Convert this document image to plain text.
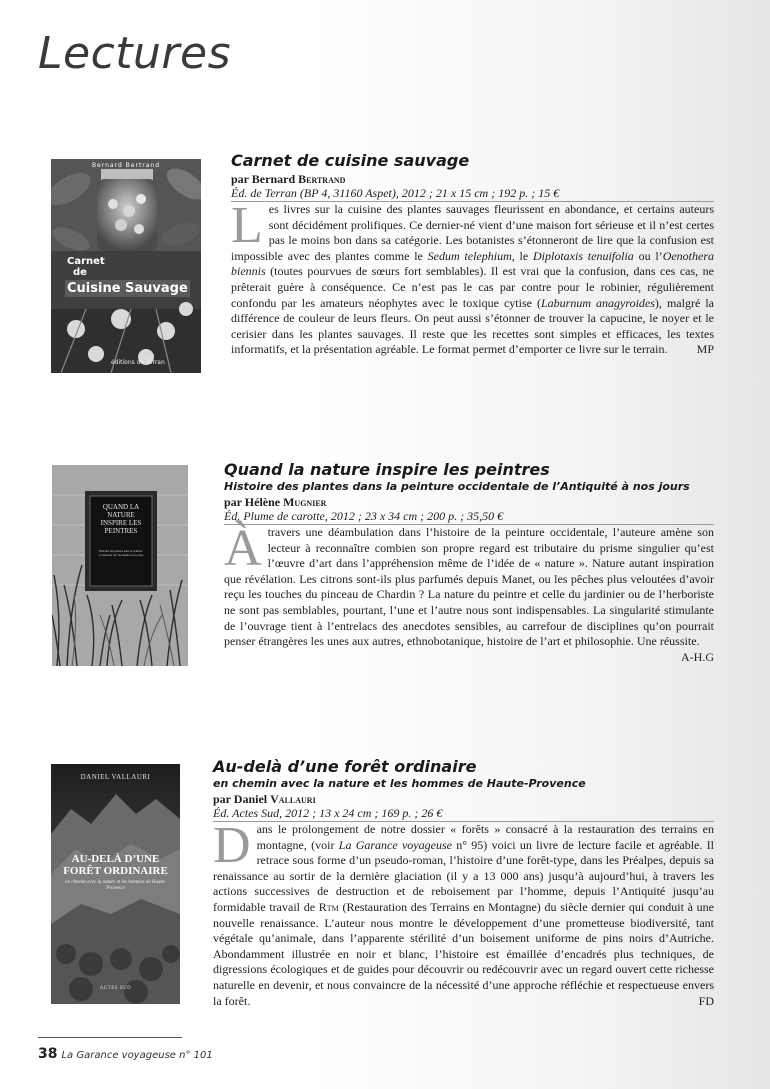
Lectures
Bernard Bertrand
Carnet
de
Cuisine Sauvage
éditions de Terran
Carnet de cuisine sauvage

par Bernard Bertrand

Éd. de Terran (BP 4, 31160 Aspet), 2012 ; 21 x 15 cm ; 192 p. ; 15 €

Les livres sur la cuisine des plantes sauvages fleurissent en abondance, et certains auteurs sont décidément prolifiques. Ce dernier-né vient d’une maison fort sérieuse et il n’est certes pas le moins bon dans sa catégorie. Les botanistes s’étonneront de lire que la confusion est impossible avec des plantes comme le Sedum telephium, le Diplotaxis tenuifolia ou l’Oenothera biennis (toutes pourvues de sœurs fort semblables). Il est vrai que la confusion, dans ces cas, ne prêterait guère à conséquence. Ce n’est pas le cas par contre pour le robinier, régulièrement confondu par les amateurs néophytes avec le toxique cytise (Laburnum anagyroides), malgré la différence de couleur de leurs fleurs. On peut aussi s’étonner de trouver la capucine, le noyer et le cerisier dans les plantes sauvages. Il reste que les recettes sont simples et efficaces, les textes informatifs, et la présentation agréable. Le format permet d’emporter ce livre sur le terrain. MP

QUAND LA NATURE INSPIRE LES PEINTRES
Histoire des plantes dans la peinture occidentale de l’Antiquité à nos jours
Quand la nature inspire les peintres

Histoire des plantes dans la peinture occidentale de l’Antiquité à nos jours

par Hélène Mugnier

Éd. Plume de carotte, 2012 ; 23 x 34 cm ; 200 p. ; 35,50 €

À travers une déambulation dans l’histoire de la peinture occidentale, l’auteure amène son lecteur à reconnaître combien son propre regard est tributaire du prisme singulier qu’est l’œuvre d’art dans l’appréhension même de l’idée de « nature ». Nature autant inspiration que révélation. Les citrons sont-ils plus parfumés depuis Manet, ou les pêches plus veloutées d’avoir reçu les touches du pinceau de Chardin ? La nature du peintre et celle du jardinier ou de l’herboriste ne sont pas semblables, pourtant, l’une et l’autre nous sont indispensables. La singularité stimulante de l’ouvrage tient à l’entrelacs des anecdotes sensibles, au carrefour de disciplines qu’on pourrait penser étrangères les unes aux autres, ethnobotanique, histoire de l’art et philosophie. Une réussite.
A-H.G

DANIEL VALLAURI
AU-DELÀ D’UNE
FORÊT ORDINAIRE
en chemin avec la nature et les hommes de Haute-Provence
ACTES SUD
Au-delà d’une forêt ordinaire

en chemin avec la nature et les hommes de Haute-Provence

par Daniel Vallauri

Éd. Actes Sud, 2012 ; 13 x 24 cm ; 169 p. ; 26 €

Dans le prolongement de notre dossier « forêts » consacré à la restauration des terrains en montagne, (voir La Garance voyageuse n° 95) voici un livre de lecture facile et agréable. Il retrace sous forme d’un pseudo-roman, l’histoire d’une forêt-type, dans les Préalpes, depuis sa renaissance au sortir de la dernière glaciation (il y a 13 000 ans) jusqu’à aujourd’hui, à travers les actions successives de destruction et de reboisement par l’homme, depuis l’Antiquité jusqu’au formidable travail de Rtm (Restauration des Terrains en Montagne) du siècle dernier qui conduit à une nouvelle renaissance. L’auteur nous montre le développement d’une prometteuse biodiversité, tant végétale qu’animale, dans l’apparente stérilité d’un boisement uniforme de pins noirs d’Autriche. Abondamment illustrée en noir et blanc, l’histoire est émaillée d’encadrés plus techniques, de digressions écologiques et de guides pour découvrir ou redécouvrir avec un regard ouvert cette richesse naturelle en devenir, et nous convaincre de la nécessité d’une approche réfléchie et respectueuse envers la forêt.	FD

38 La Garance voyageuse n° 101
